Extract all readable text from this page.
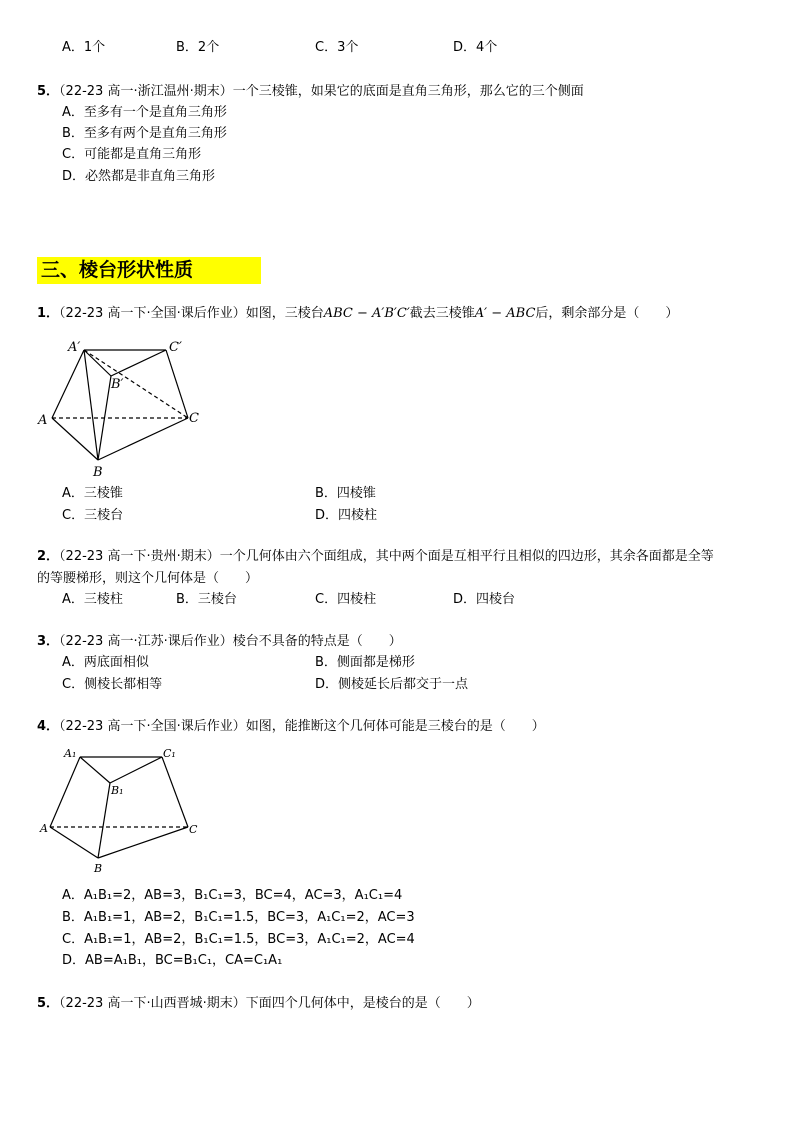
A．1个	B．2个	C．3个	D．4个
5．（22-23 高一·浙江温州·期末）一个三棱锥，如果它的底面是直角三角形，那么它的三个侧面
A．至多有一个是直角三角形
B．至多有两个是直角三角形
C．可能都是直角三角形
D．必然都是非直角三角形
三、棱台形状性质
1．（22-23 高一下·全国·课后作业）如图，三棱台ABC − A′B′C′截去三棱锥A′ − ABC后，剩余部分是（　　）
A′	C′
B′
A	C
B
A．三棱锥	B．四棱锥
C．三棱台	D．四棱柱
2．（22-23 高一下·贵州·期末）一个几何体由六个面组成，其中两个面是互相平行且相似的四边形，其余各面都是全等
的等腰梯形，则这个几何体是（　　）
A．三棱柱	B．三棱台	C．四棱柱	D．四棱台
3．（22-23 高一·江苏·课后作业）棱台不具备的特点是（　　）
A．两底面相似	B．侧面都是梯形
C．侧棱长都相等	D．侧棱延长后都交于一点
4．（22-23 高一下·全国·课后作业）如图，能推断这个几何体可能是三棱台的是（　　）
A₁	C₁
B₁
A	C
B
A．A₁B₁=2，AB=3，B₁C₁=3，BC=4，AC=3，A₁C₁=4
B．A₁B₁=1，AB=2，B₁C₁=1.5，BC=3，A₁C₁=2，AC=3
C．A₁B₁=1，AB=2，B₁C₁=1.5，BC=3，A₁C₁=2，AC=4
D．AB=A₁B₁，BC=B₁C₁，CA=C₁A₁
5．（22-23 高一下·山西晋城·期末）下面四个几何体中，是棱台的是（　　）
